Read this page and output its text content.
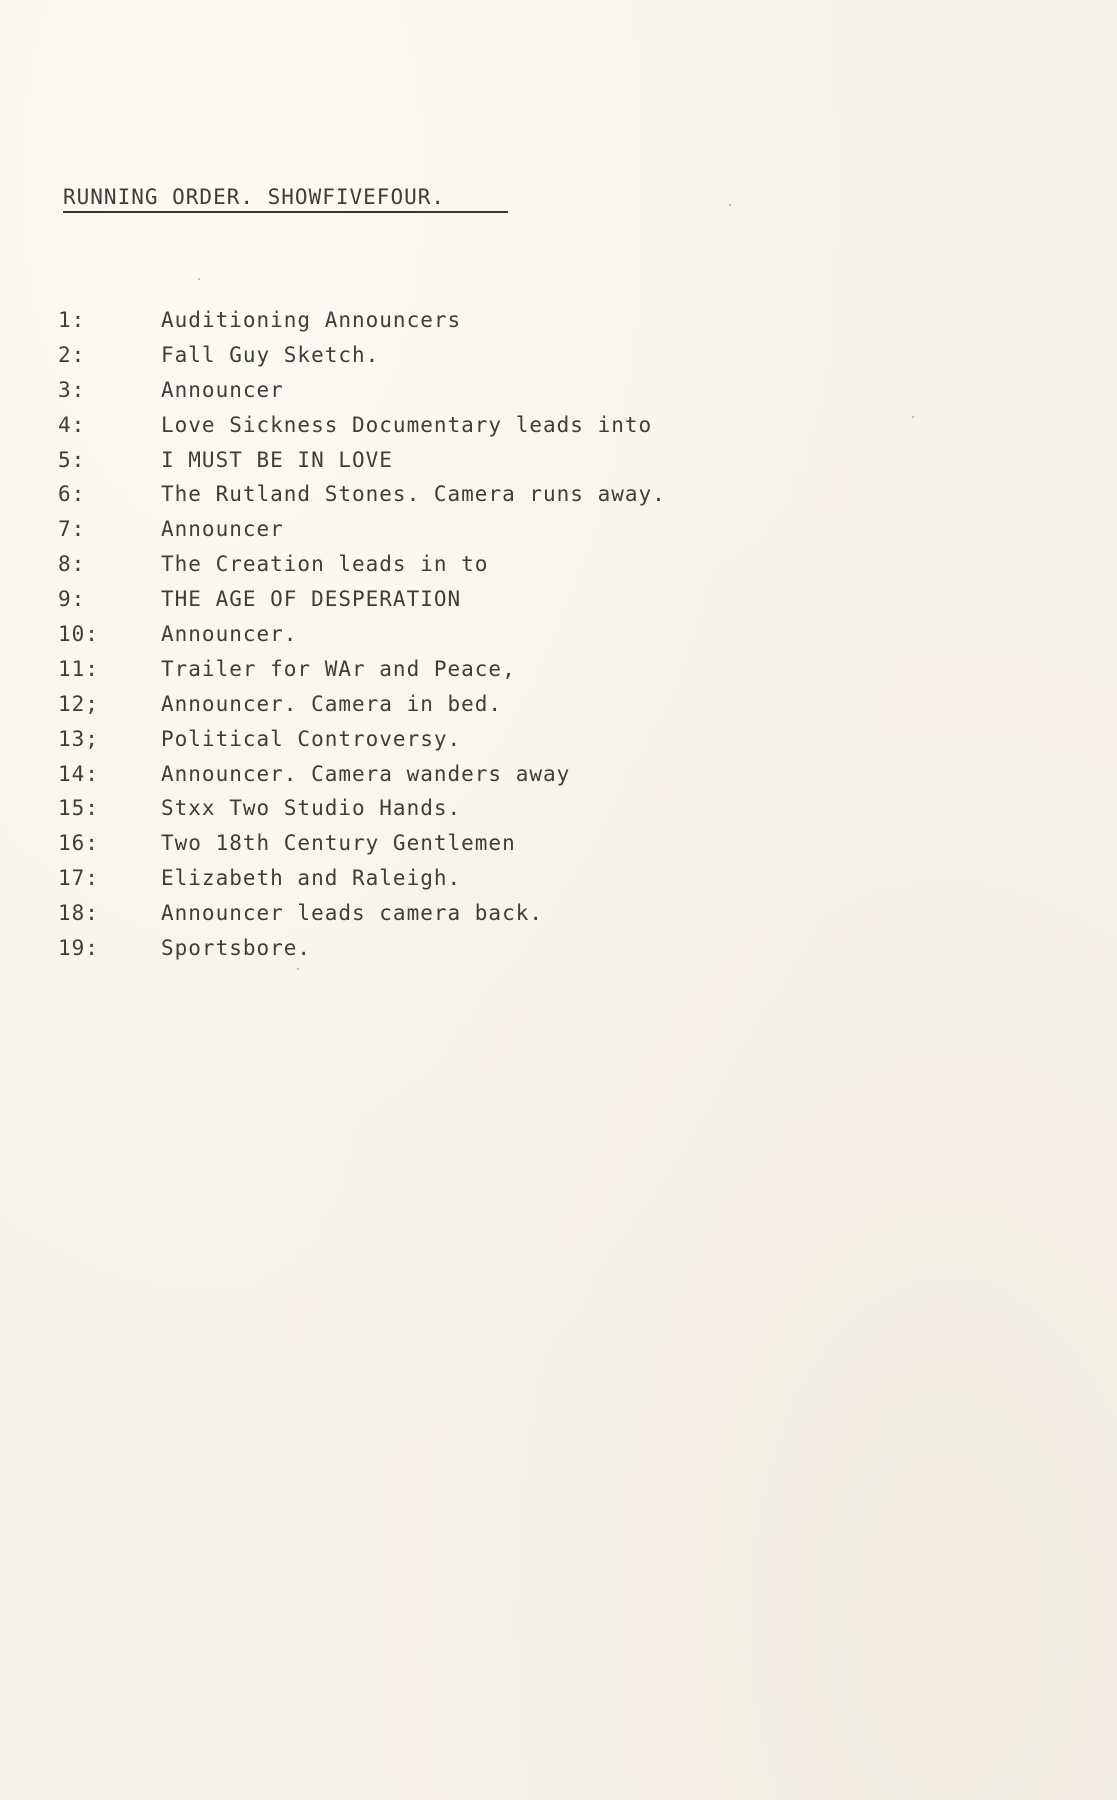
RUNNING ORDER. SHOWFIVEFOUR.
1:	Auditioning Announcers
2:	Fall Guy Sketch.
3:	Announcer
4:	Love Sickness Documentary leads into
5:	I MUST BE IN LOVE
6:	The Rutland Stones. Camera runs away.
7:	Announcer
8:	The Creation leads in to
9:	THE AGE OF DESPERATION
10:	Announcer.
11:	Trailer for WAr and Peace,
12;	Announcer. Camera in bed.
13;	Political Controversy.
14:	Announcer. Camera wanders away
15:	Stxx Two Studio Hands.
16:	Two 18th Century Gentlemen
17:	Elizabeth and Raleigh.
18:	Announcer leads camera back.
19:	Sportsbore.
